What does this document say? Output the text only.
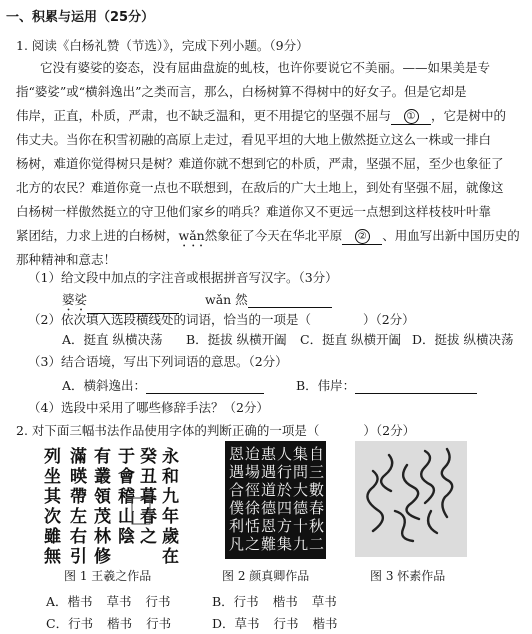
一、积累与运用（25分）
1. 阅读《白杨礼赞（节选）》，完成下列小题。（9分）
它没有婆娑的姿态，没有屈曲盘旋的虬枝，也许你要说它不美丽。——如果美是专
指“婆娑”或“横斜逸出”之类而言，那么，白杨树算不得树中的好女子。但是它却是
伟岸，正直，朴质，严肃，也不缺乏温和，更不用提它的坚强不屈与 ① ，它是树中的
伟丈夫。当你在积雪初融的高原上走过，看见平坦的大地上傲然挺立这么一株或一排白
杨树，难道你觉得树只是树？难道你就不想到它的朴质，严肃，坚强不屈，至少也象征了
北方的农民？难道你竟一点也不联想到，在敌后的广大土地上，到处有坚强不屈，就像这
白杨树一样傲然挺立的守卫他们家乡的哨兵？难道你又不更远一点想到这样枝枝叶叶靠
紧团结，力求上进的白杨树，wǎn然象征了今天在华北平原 ② 、用血写出新中国历史的
那种精神和意志！
（1）给文段中加点的字注音或根据拼音写汉字。（3分）
婆娑	wǎn 然
（2）依次填入选段横线处的词语，恰当的一项是（	）（2分）
A．挺直 纵横决荡 B．挺拔 纵横开阖 C．挺直 纵横开阖 D．挺拔 纵横决荡
（3）结合语境，写出下列词语的意思。（2分）
A．横斜逸出：	B．伟岸：
（4）选段中采用了哪些修辞手法？（2分）
2. 对下面三幅书法作品使用字体的判断正确的一项是（	）（2分）
永
和
九
年
歲
在
癸
丑
暮
春
之
于
會
稽
山
陰
有
叢
領
茂
林
修
滿
暎
帶
左
右
引
列
坐
其
次
雖
無
自
三
數
春
秋
二
集
問
大
德
十
九
人
行
於
四
方
集
惠
遇
道
德
恩
難
迨
場
徑
徐
恬
之
恩
遇
合
僕
利
凡
图 1 王羲之作品	图 2 颜真卿作品	图 3 怀素作品
A．楷书 草书 行书	B．行书 楷书 草书
C．行书 楷书 行书	D．草书 行书 楷书
